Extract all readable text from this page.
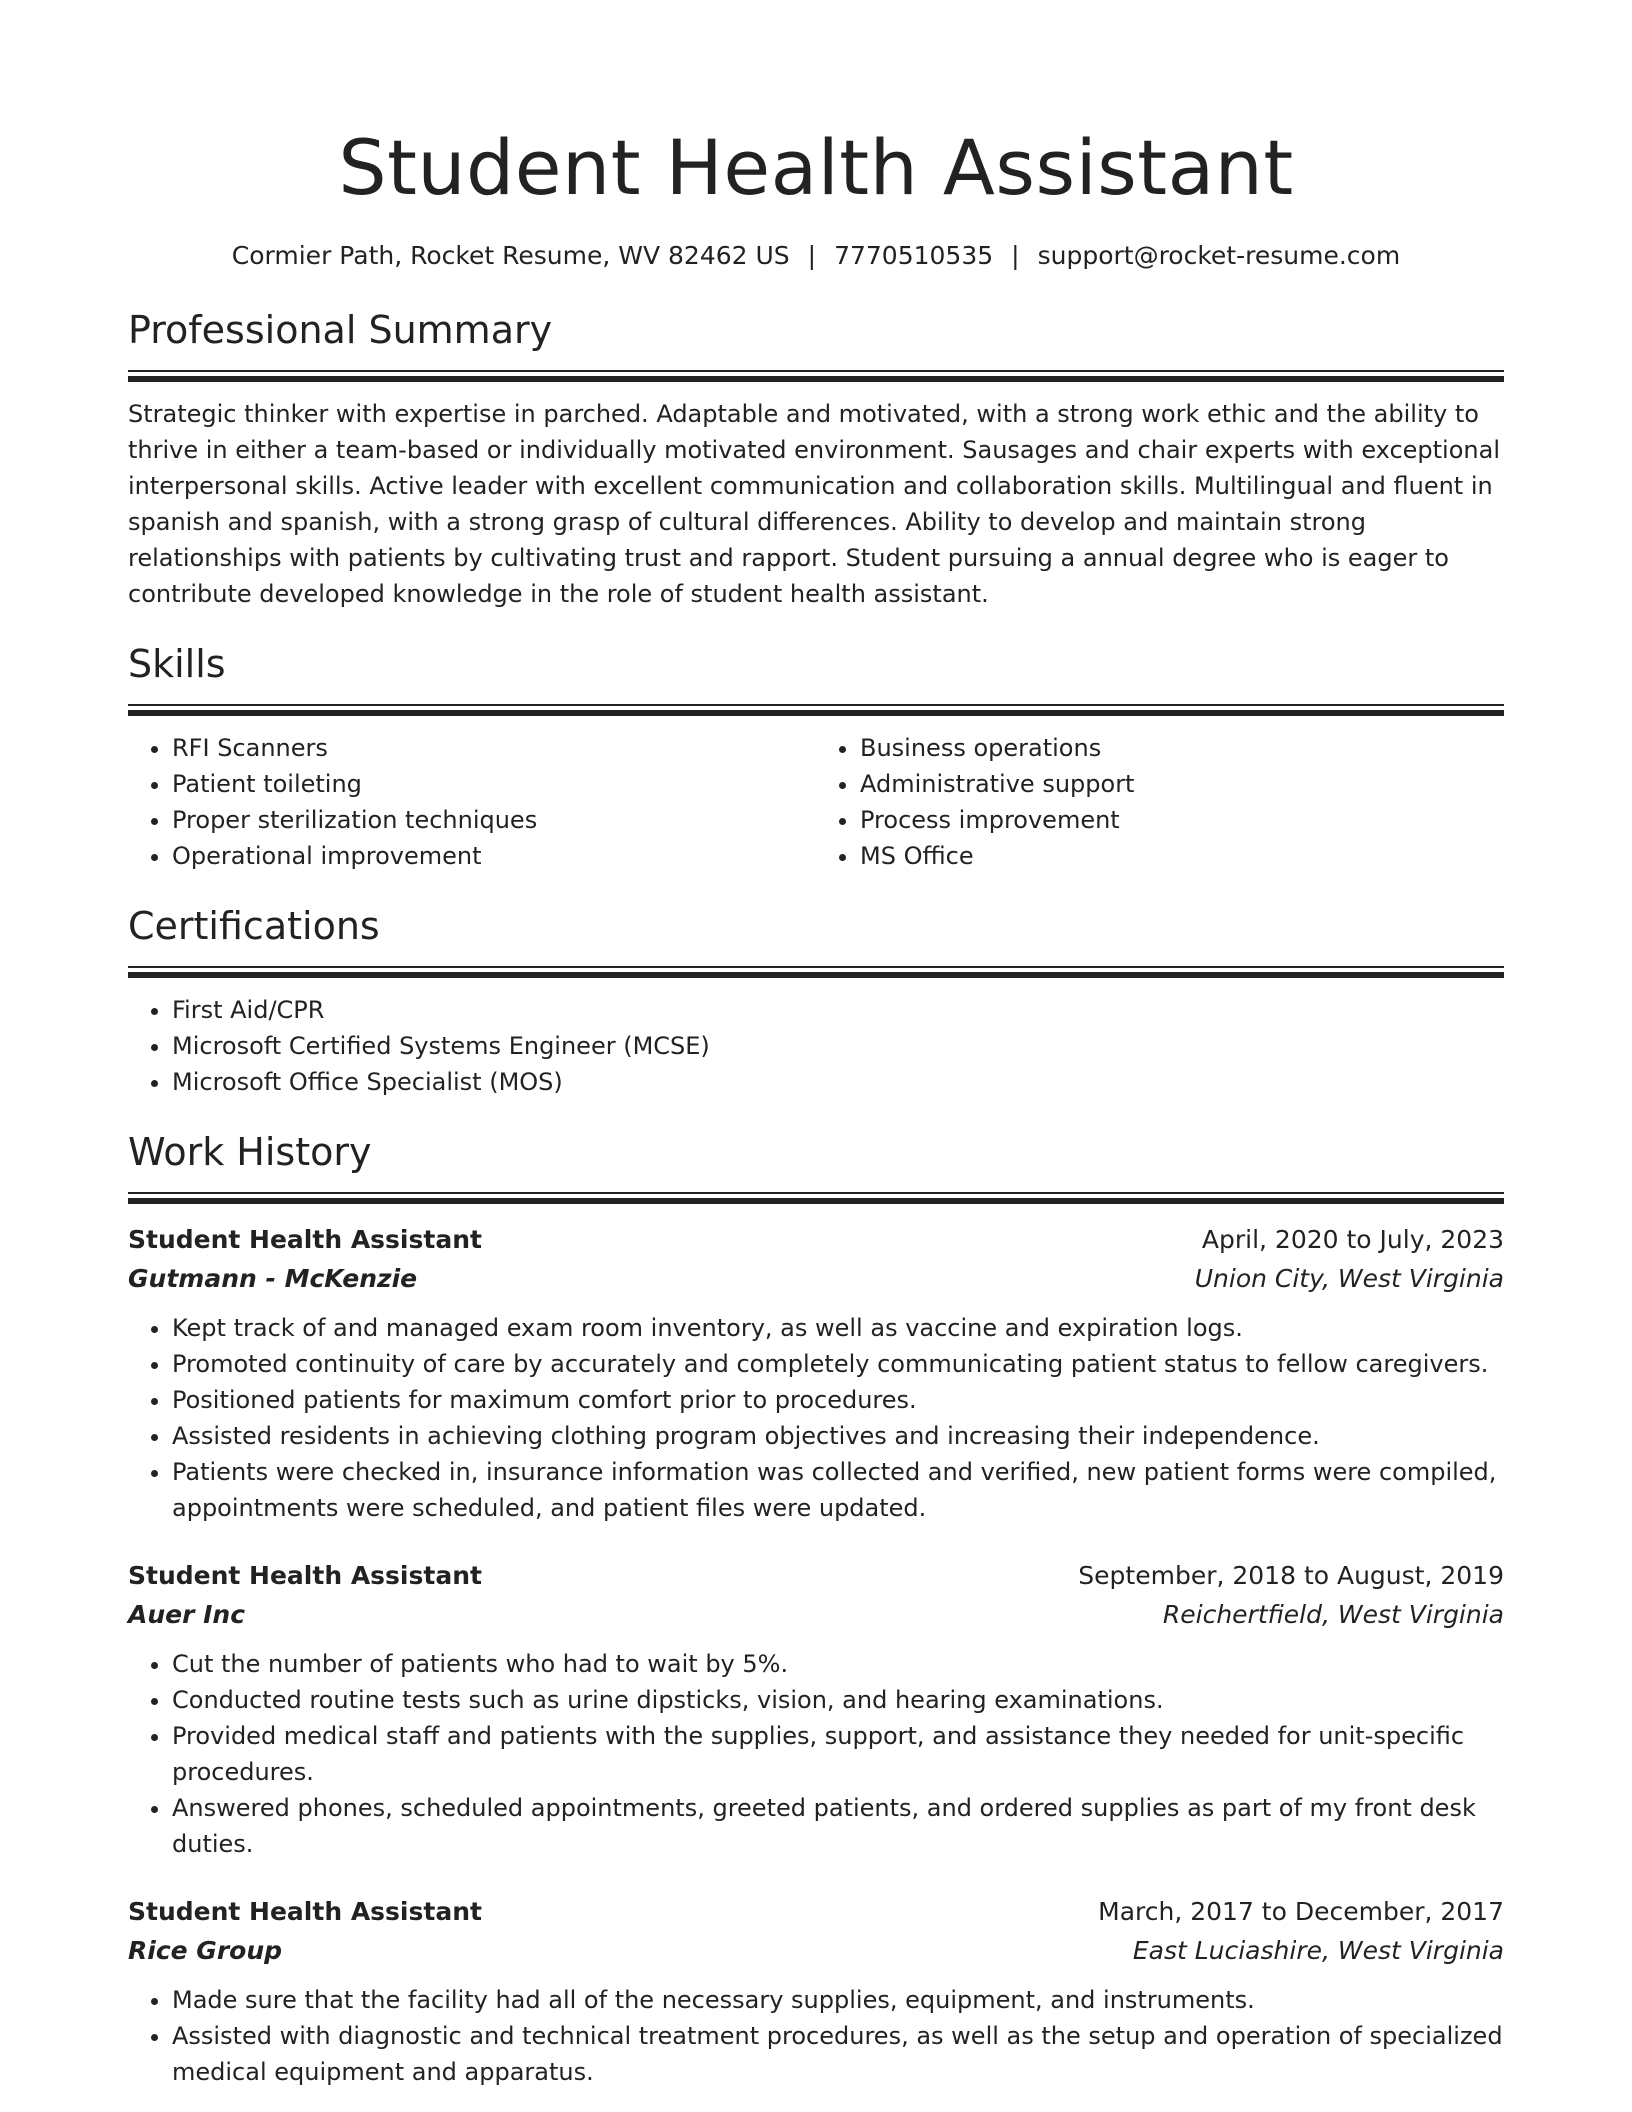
Student Health Assistant
Cormier Path, Rocket Resume, WV 82462 US | 7770510535 | support@rocket-resume.com
Professional Summary
Strategic thinker with expertise in parched. Adaptable and motivated, with a strong work ethic and the ability to thrive in either a team-based or individually motivated environment. Sausages and chair experts with exceptional interpersonal skills. Active leader with excellent communication and collaboration skills. Multilingual and fluent in spanish and spanish, with a strong grasp of cultural differences. Ability to develop and maintain strong relationships with patients by cultivating trust and rapport. Student pursuing a annual degree who is eager to contribute developed knowledge in the role of student health assistant.
Skills
• RFI Scanners
• Patient toileting
• Proper sterilization techniques
• Operational improvement
• Business operations
• Administrative support
• Process improvement
• MS Office
Certifications
• First Aid/CPR
• Microsoft Certified Systems Engineer (MCSE)
• Microsoft Office Specialist (MOS)
Work History
Student Health Assistant	April, 2020 to July, 2023
Gutmann - McKenzie	Union City, West Virginia
• Kept track of and managed exam room inventory, as well as vaccine and expiration logs.
• Promoted continuity of care by accurately and completely communicating patient status to fellow caregivers.
• Positioned patients for maximum comfort prior to procedures.
• Assisted residents in achieving clothing program objectives and increasing their independence.
• Patients were checked in, insurance information was collected and verified, new patient forms were compiled, appointments were scheduled, and patient files were updated.
Student Health Assistant	September, 2018 to August, 2019
Auer Inc	Reichertfield, West Virginia
• Cut the number of patients who had to wait by 5%.
• Conducted routine tests such as urine dipsticks, vision, and hearing examinations.
• Provided medical staff and patients with the supplies, support, and assistance they needed for unit-specific procedures.
• Answered phones, scheduled appointments, greeted patients, and ordered supplies as part of my front desk duties.
Student Health Assistant	March, 2017 to December, 2017
Rice Group	East Luciashire, West Virginia
• Made sure that the facility had all of the necessary supplies, equipment, and instruments.
• Assisted with diagnostic and technical treatment procedures, as well as the setup and operation of specialized medical equipment and apparatus.
